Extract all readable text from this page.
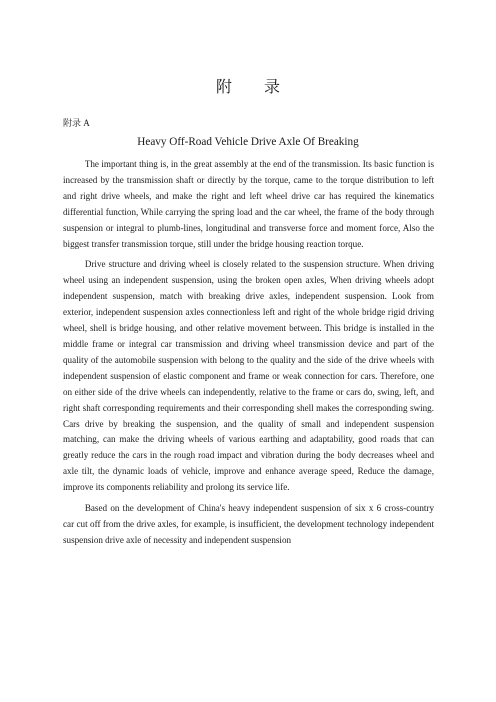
附 录
附录 A
Heavy Off-Road Vehicle Drive Axle Of Breaking

The important thing is, in the great assembly at the end of the transmission. Its basic function is increased by the transmission shaft or directly by the torque, came to the torque distribution to left and right drive wheels, and make the right and left wheel drive car has required the kinematics differential function, While carrying the spring load and the car wheel, the frame of the body through suspension or integral to plumb-lines, longitudinal and transverse force and moment force, Also the biggest transfer transmission torque, still under the bridge housing reaction torque.

Drive structure and driving wheel is closely related to the suspension structure. When driving wheel using an independent suspension, using the broken open axles, When driving wheels adopt independent suspension, match with breaking drive axles, independent suspension. Look from exterior, independent suspension axles connectionless left and right of the whole bridge rigid driving wheel, shell is bridge housing, and other relative movement between. This bridge is installed in the middle frame or integral car transmission and driving wheel transmission device and part of the quality of the automobile suspension with belong to the quality and the side of the drive wheels with independent suspension of elastic component and frame or weak connection for cars. Therefore, one on either side of the drive wheels can independently, relative to the frame or cars do, swing, left, and right shaft corresponding requirements and their corresponding shell makes the corresponding swing. Cars drive by breaking the suspension, and the quality of small and independent suspension matching, can make the driving wheels of various earthing and adaptability, good roads that can greatly reduce the cars in the rough road impact and vibration during the body decreases wheel and axle tilt, the dynamic loads of vehicle, improve and enhance average speed, Reduce the damage, improve its components reliability and prolong its service life.

Based on the development of China's heavy independent suspension of six x 6 cross-country car cut off from the drive axles, for example, is insufficient, the development technology independent suspension drive axle of necessity and independent suspension
